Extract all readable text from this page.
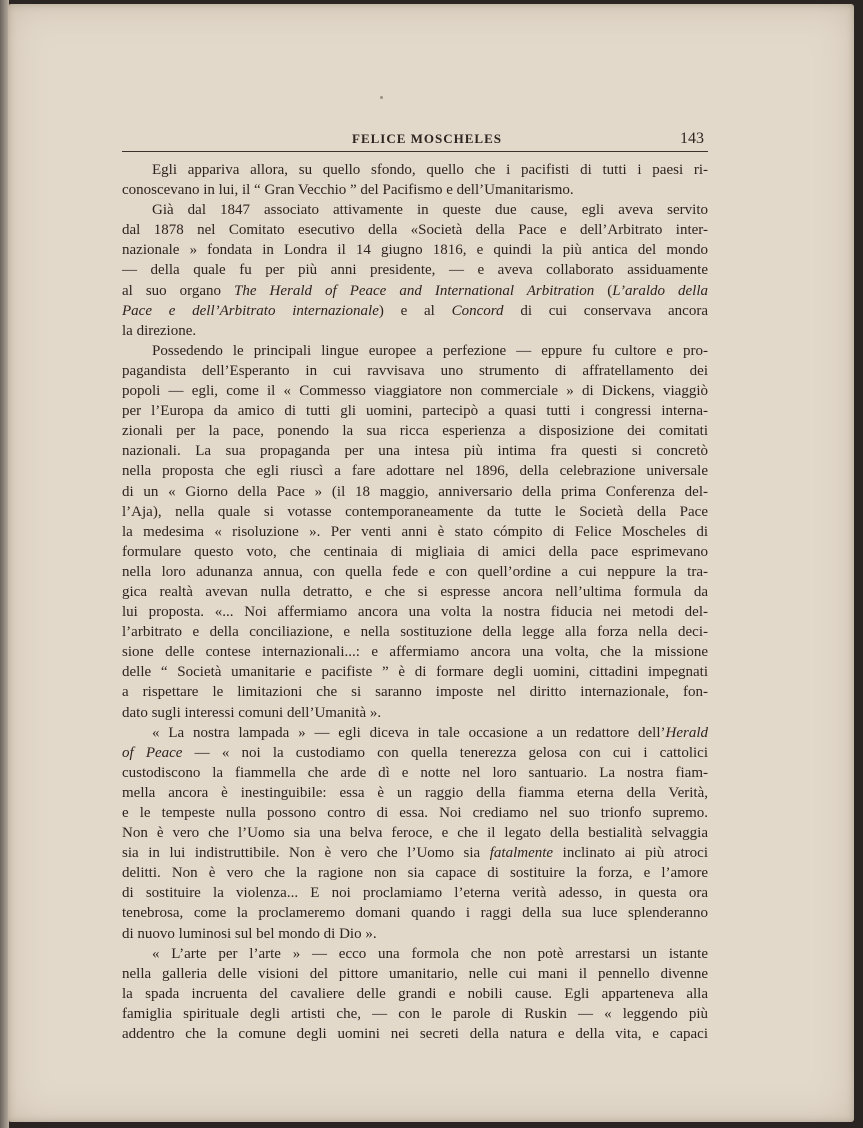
FELICE MOSCHELES	143
Egli appariva allora, su quello sfondo, quello che i pacifisti di tutti i paesi ri-
conoscevano in lui, il “ Gran Vecchio ” del Pacifismo e dell’Umanitarismo.
Già dal 1847 associato attivamente in queste due cause, egli aveva servito
dal 1878 nel Comitato esecutivo della «Società della Pace e dell’Arbitrato inter-
nazionale » fondata in Londra il 14 giugno 1816, e quindi la più antica del mondo
— della quale fu per più anni presidente, — e aveva collaborato assiduamente
al suo organo The Herald of Peace and International Arbitration (L’araldo della
Pace e dell’Arbitrato internazionale) e al Concord di cui conservava ancora
la direzione.
Possedendo le principali lingue europee a perfezione — eppure fu cultore e pro-
pagandista dell’Esperanto in cui ravvisava uno strumento di affratellamento dei
popoli — egli, come il « Commesso viaggiatore non commerciale » di Dickens, viaggiò
per l’Europa da amico di tutti gli uomini, partecipò a quasi tutti i congressi interna-
zionali per la pace, ponendo la sua ricca esperienza a disposizione dei comitati
nazionali. La sua propaganda per una intesa più intima fra questi si concretò
nella proposta che egli riuscì a fare adottare nel 1896, della celebrazione universale
di un « Giorno della Pace » (il 18 maggio, anniversario della prima Conferenza del-
l’Aja), nella quale si votasse contemporaneamente da tutte le Società della Pace
la medesima « risoluzione ». Per venti anni è stato cómpito di Felice Moscheles di
formulare questo voto, che centinaia di migliaia di amici della pace esprimevano
nella loro adunanza annua, con quella fede e con quell’ordine a cui neppure la tra-
gica realtà avevan nulla detratto, e che si espresse ancora nell’ultima formula da
lui proposta. «... Noi affermiamo ancora una volta la nostra fiducia nei metodi del-
l’arbitrato e della conciliazione, e nella sostituzione della legge alla forza nella deci-
sione delle contese internazionali...: e affermiamo ancora una volta, che la missione
delle “ Società umanitarie e pacifiste ” è di formare degli uomini, cittadini impegnati
a rispettare le limitazioni che si saranno imposte nel diritto internazionale, fon-
dato sugli interessi comuni dell’Umanità ».
« La nostra lampada » — egli diceva in tale occasione a un redattore dell’Herald
of Peace — « noi la custodiamo con quella tenerezza gelosa con cui i cattolici
custodiscono la fiammella che arde dì e notte nel loro santuario. La nostra fiam-
mella ancora è inestinguibile: essa è un raggio della fiamma eterna della Verità,
e le tempeste nulla possono contro di essa. Noi crediamo nel suo trionfo supremo.
Non è vero che l’Uomo sia una belva feroce, e che il legato della bestialità selvaggia
sia in lui indistruttibile. Non è vero che l’Uomo sia fatalmente inclinato ai più atroci
delitti. Non è vero che la ragione non sia capace di sostituire la forza, e l’amore
di sostituire la violenza... E noi proclamiamo l’eterna verità adesso, in questa ora
tenebrosa, come la proclameremo domani quando i raggi della sua luce splenderanno
di nuovo luminosi sul bel mondo di Dio ».
« L’arte per l’arte » — ecco una formola che non potè arrestarsi un istante
nella galleria delle visioni del pittore umanitario, nelle cui mani il pennello divenne
la spada incruenta del cavaliere delle grandi e nobili cause. Egli apparteneva alla
famiglia spirituale degli artisti che, — con le parole di Ruskin — « leggendo più
addentro che la comune degli uomini nei secreti della natura e della vita, e capaci
